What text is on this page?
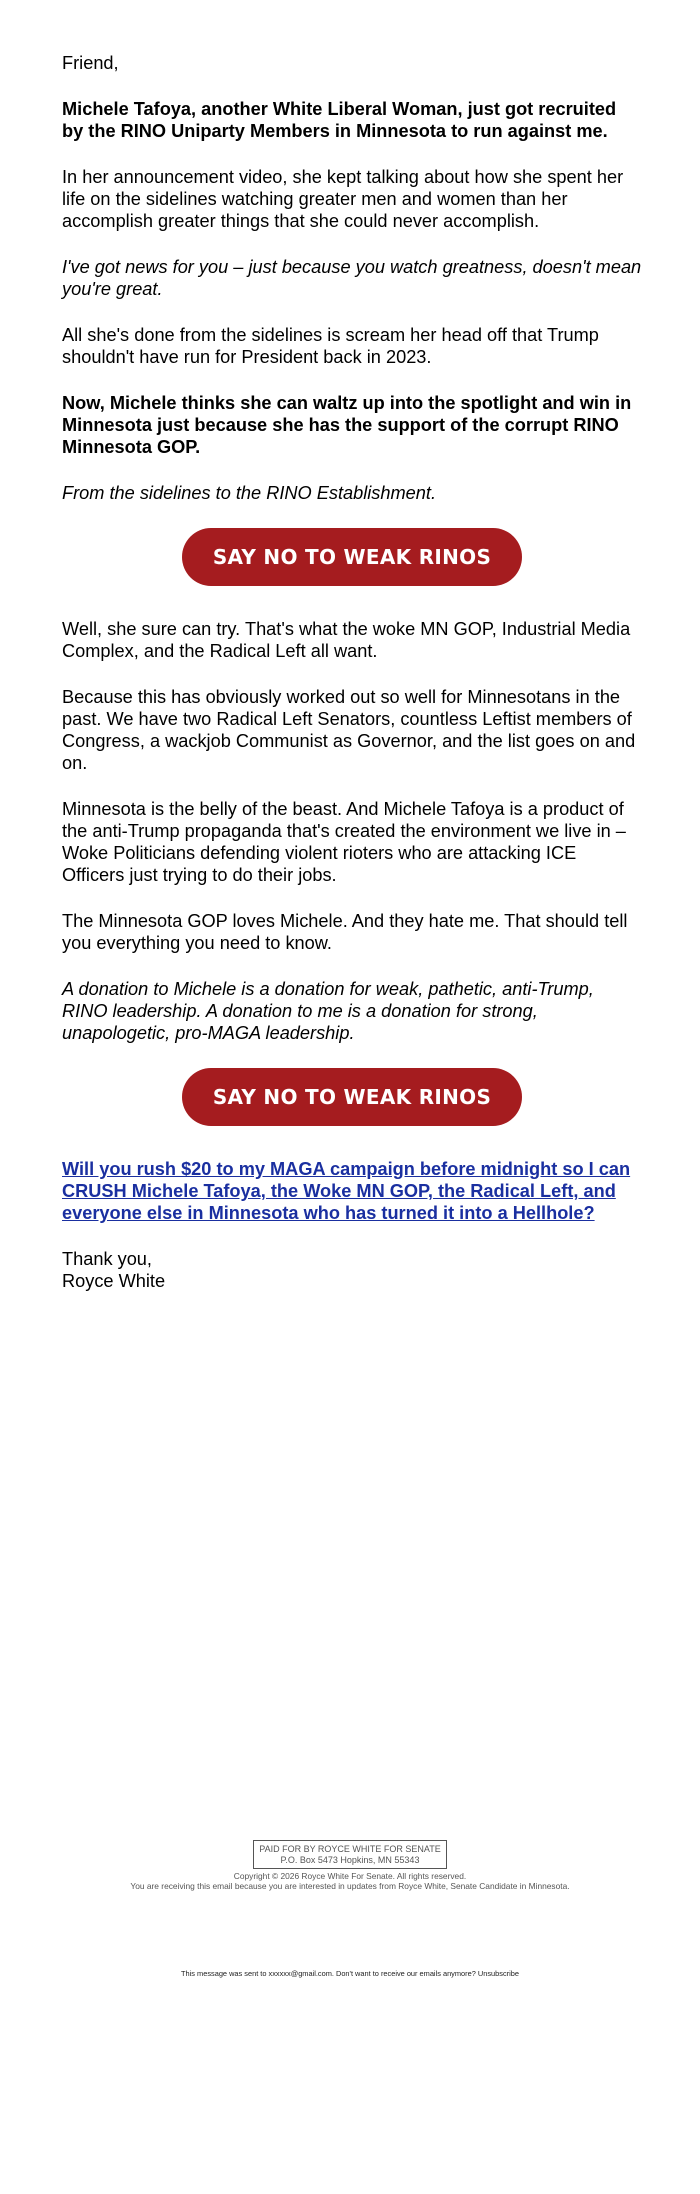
Friend,

Michele Tafoya, another White Liberal Woman, just got recruited by the RINO Uniparty Members in Minnesota to run against me.

In her announcement video, she kept talking about how she spent her life on the sidelines watching greater men and women than her accomplish greater things that she could never accomplish.

I've got news for you – just because you watch greatness, doesn't mean you're great.

All she's done from the sidelines is scream her head off that Trump shouldn't have run for President back in 2023.

Now, Michele thinks she can waltz up into the spotlight and win in Minnesota just because she has the support of the corrupt RINO Minnesota GOP.

From the sidelines to the RINO Establishment.

SAY NO TO WEAK RINOS

Well, she sure can try. That's what the woke MN GOP, Industrial Media Complex, and the Radical Left all want.

Because this has obviously worked out so well for Minnesotans in the past. We have two Radical Left Senators, countless Leftist members of Congress, a wackjob Communist as Governor, and the list goes on and on.

Minnesota is the belly of the beast. And Michele Tafoya is a product of the anti-Trump propaganda that's created the environment we live in – Woke Politicians defending violent rioters who are attacking ICE Officers just trying to do their jobs.

The Minnesota GOP loves Michele. And they hate me. That should tell you everything you need to know.

A donation to Michele is a donation for weak, pathetic, anti-Trump, RINO leadership. A donation to me is a donation for strong, unapologetic, pro-MAGA leadership.

SAY NO TO WEAK RINOS

Will you rush $20 to my MAGA campaign before midnight so I can CRUSH Michele Tafoya, the Woke MN GOP, the Radical Left, and everyone else in Minnesota who has turned it into a Hellhole?

Thank you,

Royce White

PAID FOR BY ROYCE WHITE FOR SENATE
P.O. Box 5473 Hopkins, MN 55343
Copyright © 2026 Royce White For Senate. All rights reserved.
You are receiving this email because you are interested in updates from Royce White, Senate Candidate in Minnesota.
This message was sent to xxxxxx@gmail.com. Don't want to receive our emails anymore? Unsubscribe
